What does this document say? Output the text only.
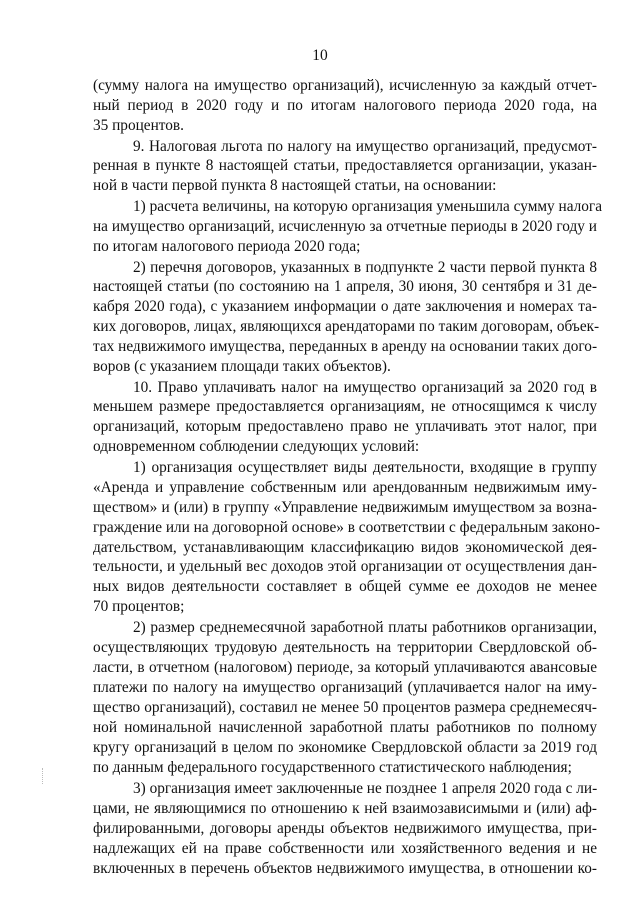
10
(сумму налога на имущество организаций), исчисленную за каждый отчет-
ный период в 2020 году и по итогам налогового периода 2020 года, на
35 процентов.
9. Налоговая льгота по налогу на имущество организаций, предусмот-
ренная в пункте 8 настоящей статьи, предоставляется организации, указан-
ной в части первой пункта 8 настоящей статьи, на основании:
1) расчета величины, на которую организация уменьшила сумму налога
на имущество организаций, исчисленную за отчетные периоды в 2020 году и
по итогам налогового периода 2020 года;
2) перечня договоров, указанных в подпункте 2 части первой пункта 8
настоящей статьи (по состоянию на 1 апреля, 30 июня, 30 сентября и 31 де-
кабря 2020 года), с указанием информации о дате заключения и номерах та-
ких договоров, лицах, являющихся арендаторами по таким договорам, объек-
тах недвижимого имущества, переданных в аренду на основании таких дого-
воров (с указанием площади таких объектов).
10. Право уплачивать налог на имущество организаций за 2020 год в
меньшем размере предоставляется организациям, не относящимся к числу
организаций, которым предоставлено право не уплачивать этот налог, при
одновременном соблюдении следующих условий:
1) организация осуществляет виды деятельности, входящие в группу
«Аренда и управление собственным или арендованным недвижимым иму-
ществом» и (или) в группу «Управление недвижимым имуществом за возна-
граждение или на договорной основе» в соответствии с федеральным законо-
дательством, устанавливающим классификацию видов экономической дея-
тельности, и удельный вес доходов этой организации от осуществления дан-
ных видов деятельности составляет в общей сумме ее доходов не менее
70 процентов;
2) размер среднемесячной заработной платы работников организации,
осуществляющих трудовую деятельность на территории Свердловской об-
ласти, в отчетном (налоговом) периоде, за который уплачиваются авансовые
платежи по налогу на имущество организаций (уплачивается налог на иму-
щество организаций), составил не менее 50 процентов размера среднемесяч-
ной номинальной начисленной заработной платы работников по полному
кругу организаций в целом по экономике Свердловской области за 2019 год
по данным федерального государственного статистического наблюдения;
3) организация имеет заключенные не позднее 1 апреля 2020 года с ли-
цами, не являющимися по отношению к ней взаимозависимыми и (или) аф-
филированными, договоры аренды объектов недвижимого имущества, при-
надлежащих ей на праве собственности или хозяйственного ведения и не
включенных в перечень объектов недвижимого имущества, в отношении ко-
